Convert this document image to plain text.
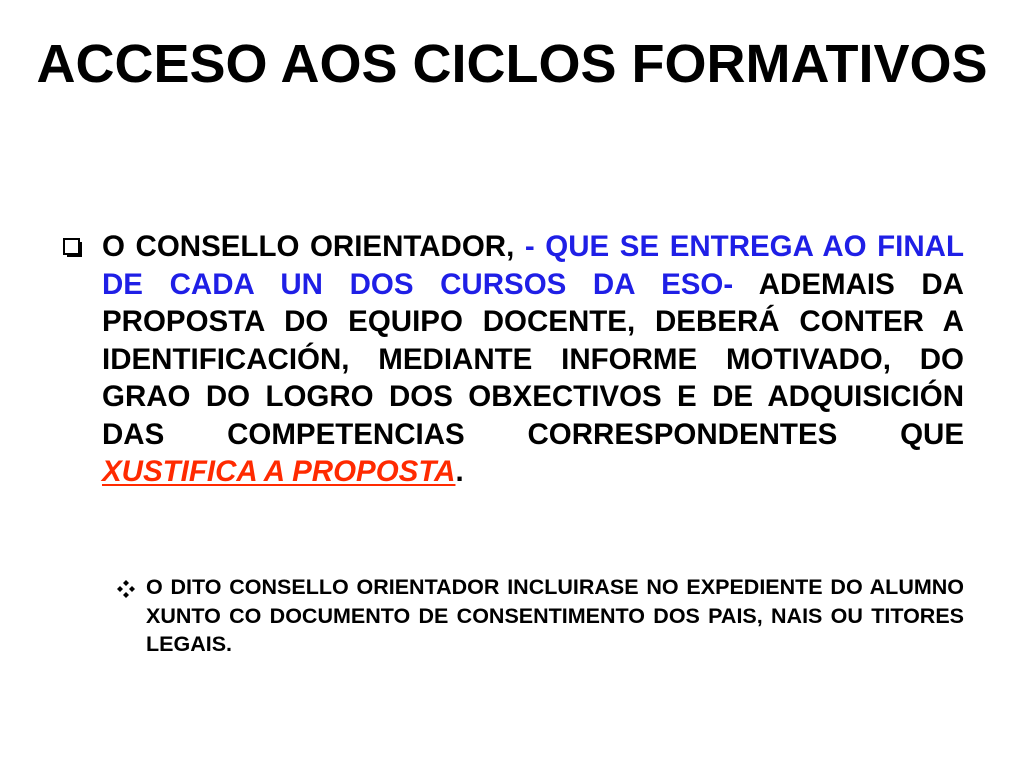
ACCESO AOS CICLOS FORMATIVOS

O CONSELLO ORIENTADOR, - QUE SE ENTREGA AO FINAL DE CADA UN DOS CURSOS DA ESO- ADEMAIS DA PROPOSTA DO EQUIPO DOCENTE, DEBERÁ CONTER A IDENTIFICACIÓN, MEDIANTE INFORME MOTIVADO, DO GRAO DO LOGRO DOS OBXECTIVOS E DE ADQUISICIÓN DAS COMPETENCIAS CORRESPONDENTES QUE XUSTIFICA A PROPOSTA.

O DITO CONSELLO ORIENTADOR INCLUIRASE NO EXPEDIENTE DO ALUMNO XUNTO CO DOCUMENTO DE CONSENTIMENTO DOS PAIS, NAIS OU TITORES LEGAIS.
